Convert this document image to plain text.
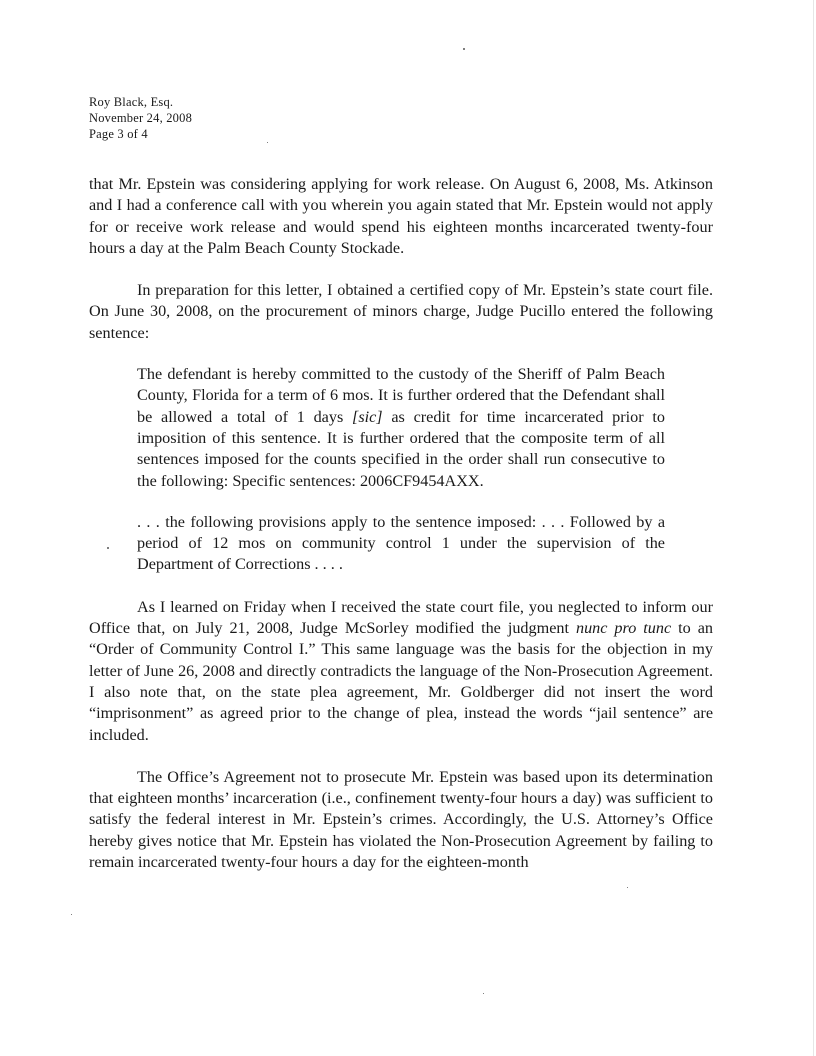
Roy Black, Esq.
November 24, 2008
Page 3 of 4

that Mr. Epstein was considering applying for work release. On August 6, 2008, Ms. Atkinson and I had a conference call with you wherein you again stated that Mr. Epstein would not apply for or receive work release and would spend his eighteen months incarcerated twenty-four hours a day at the Palm Beach County Stockade.

In preparation for this letter, I obtained a certified copy of Mr. Epstein’s state court file. On June 30, 2008, on the procurement of minors charge, Judge Pucillo entered the following sentence:

The defendant is hereby committed to the custody of the Sheriff of Palm Beach County, Florida for a term of 6 mos. It is further ordered that the Defendant shall be allowed a total of 1 days [sic] as credit for time incarcerated prior to imposition of this sentence. It is further ordered that the composite term of all sentences imposed for the counts specified in the order shall run consecutive to the following: Specific sentences: 2006CF9454AXX.

. . . the following provisions apply to the sentence imposed: . . . Followed by a period of 12 mos on community control 1 under the supervision of the Department of Corrections . . . .

As I learned on Friday when I received the state court file, you neglected to inform our Office that, on July 21, 2008, Judge McSorley modified the judgment nunc pro tunc to an “Order of Community Control I.” This same language was the basis for the objection in my letter of June 26, 2008 and directly contradicts the language of the Non-Prosecution Agreement. I also note that, on the state plea agreement, Mr. Goldberger did not insert the word “imprisonment” as agreed prior to the change of plea, instead the words “jail sentence” are included.

The Office’s Agreement not to prosecute Mr. Epstein was based upon its determination that eighteen months’ incarceration (i.e., confinement twenty-four hours a day) was sufficient to satisfy the federal interest in Mr. Epstein’s crimes. Accordingly, the U.S. Attorney’s Office hereby gives notice that Mr. Epstein has violated the Non-Prosecution Agreement by failing to remain incarcerated twenty-four hours a day for the eighteen-month
